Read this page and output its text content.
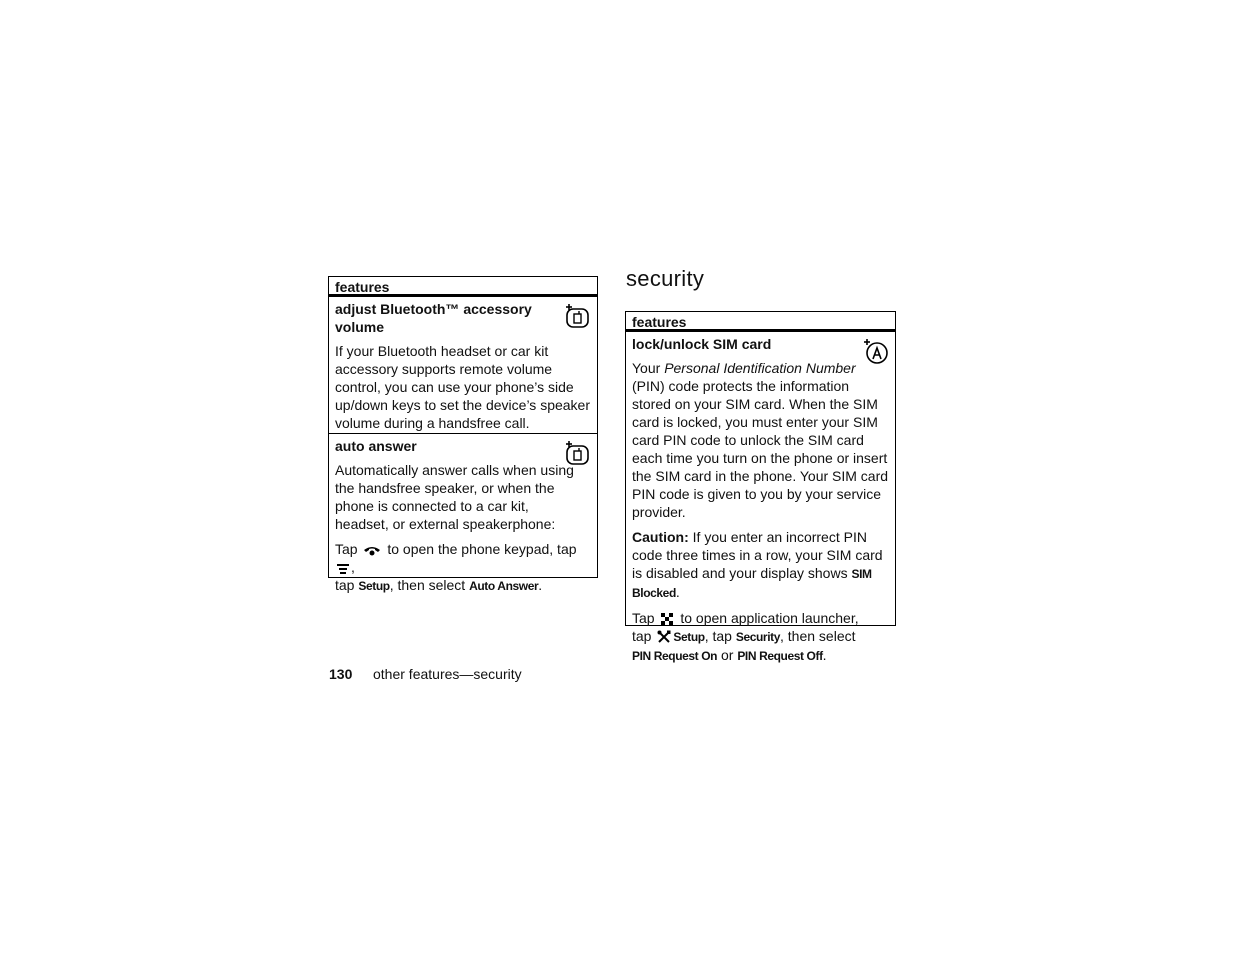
features
adjust Bluetooth™ accessory volume
If your Bluetooth headset or car kit accessory supports remote volume control, you can use your phone’s side up/down keys to set the device’s speaker volume during a handsfree call.
auto answer
Automatically answer calls when using the handsfree speaker, or when the phone is connected to a car kit, headset, or external speakerphone:
Tap  to open the phone keypad, tap ,
tap Setup, then select Auto Answer.
security
features
lock/unlock SIM card
Your Personal Identification Number
(PIN) code protects the information stored on your SIM card. When the SIM card is locked, you must enter your SIM card PIN code to unlock the SIM card each time you turn on the phone or insert the SIM card in the phone. Your SIM card PIN code is given to you by your service provider.
Caution: If you enter an incorrect PIN code three times in a row, your SIM card is disabled and your display shows SIM Blocked.
Tap  to open application launcher,
tap Setup, tap Security, then select
PIN Request On or PIN Request Off.
130 other features—security
